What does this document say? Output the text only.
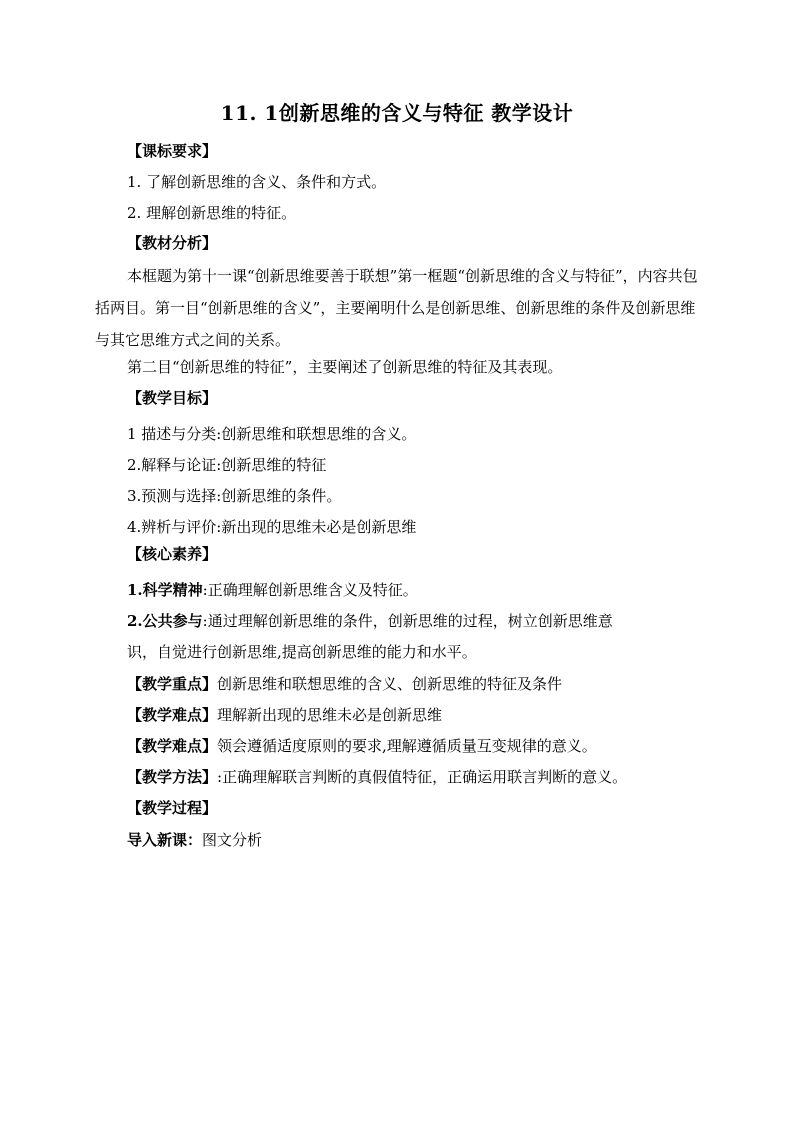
11. 1创新思维的含义与特征 教学设计
【课标要求】
1. 了解创新思维的含义、条件和方式。
2. 理解创新思维的特征。
【教材分析】
本框题为第十一课“创新思维要善于联想”第一框题“创新思维的含义与特征”，内容共包括两目。第一目“创新思维的含义”，主要阐明什么是创新思维、创新思维的条件及创新思维与其它思维方式之间的关系。
第二目“创新思维的特征”，主要阐述了创新思维的特征及其表现。
【教学目标】
1 描述与分类:创新思维和联想思维的含义。
2.解释与论证:创新思维的特征
3.预测与选择:创新思维的条件。
4.辨析与评价:新出现的思维未必是创新思维
【核心素养】
1.科学精神:正确理解创新思维含义及特征。
2.公共参与:通过理解创新思维的条件，创新思维的过程，树立创新思维意
识，自觉进行创新思维,提高创新思维的能力和水平。
【教学重点】创新思维和联想思维的含义、创新思维的特征及条件
【教学难点】理解新出现的思维未必是创新思维
【教学难点】领会遵循适度原则的要求,理解遵循质量互变规律的意义。
【教学方法】:正确理解联言判断的真假值特征，正确运用联言判断的意义。
【教学过程】
导入新课：图文分析
